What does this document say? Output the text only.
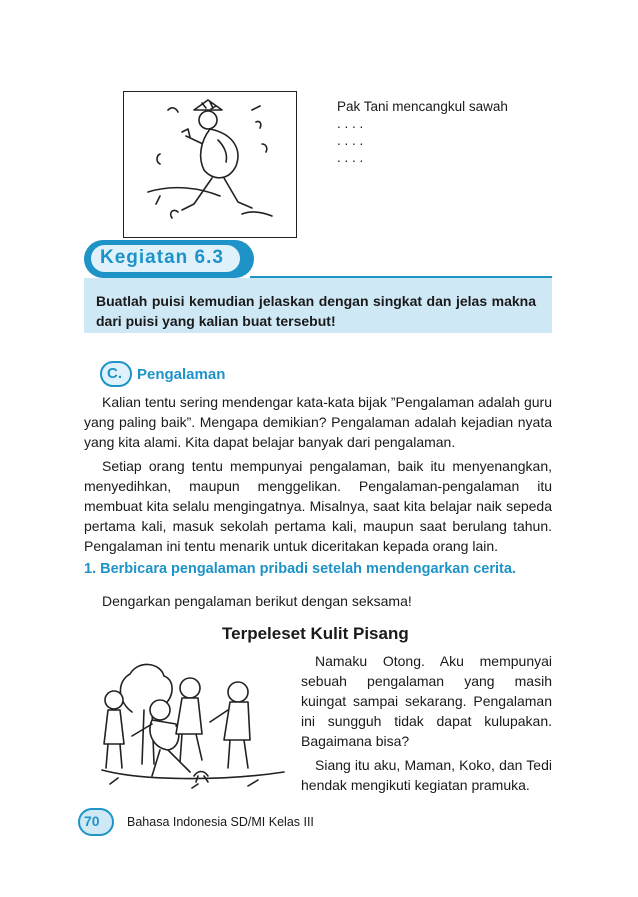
Pak Tani mencangkul sawah
. . . .
. . . .
. . . .
Kegiatan 6.3
Buatlah puisi kemudian jelaskan dengan singkat dan jelas makna dari puisi yang kalian buat tersebut!
C. Pengalaman
Kalian tentu sering mendengar kata-kata bijak ”Pengalaman adalah guru yang paling baik”. Mengapa demikian? Pengalaman adalah kejadian nyata yang kita alami. Kita dapat belajar banyak dari pengalaman.
Setiap orang tentu mempunyai pengalaman, baik itu menyenangkan, menyedihkan, maupun menggelikan. Pengalaman-pengalaman itu membuat kita selalu mengingatnya. Misalnya, saat kita belajar naik sepeda pertama kali, masuk sekolah pertama kali, maupun saat berulang tahun. Pengalaman ini tentu menarik untuk diceritakan kepada orang lain.
1. Berbicara pengalaman pribadi setelah mendengarkan cerita.
Dengarkan pengalaman berikut dengan seksama!
Terpeleset Kulit Pisang

Namaku Otong. Aku mempunyai sebuah pengalaman yang masih kuingat sampai sekarang. Pengalaman ini sungguh tidak dapat kulupakan. Bagaimana bisa?

Siang itu aku, Maman, Koko, dan Tedi hendak mengikuti kegiatan pramuka.

70 Bahasa Indonesia SD/MI Kelas III
